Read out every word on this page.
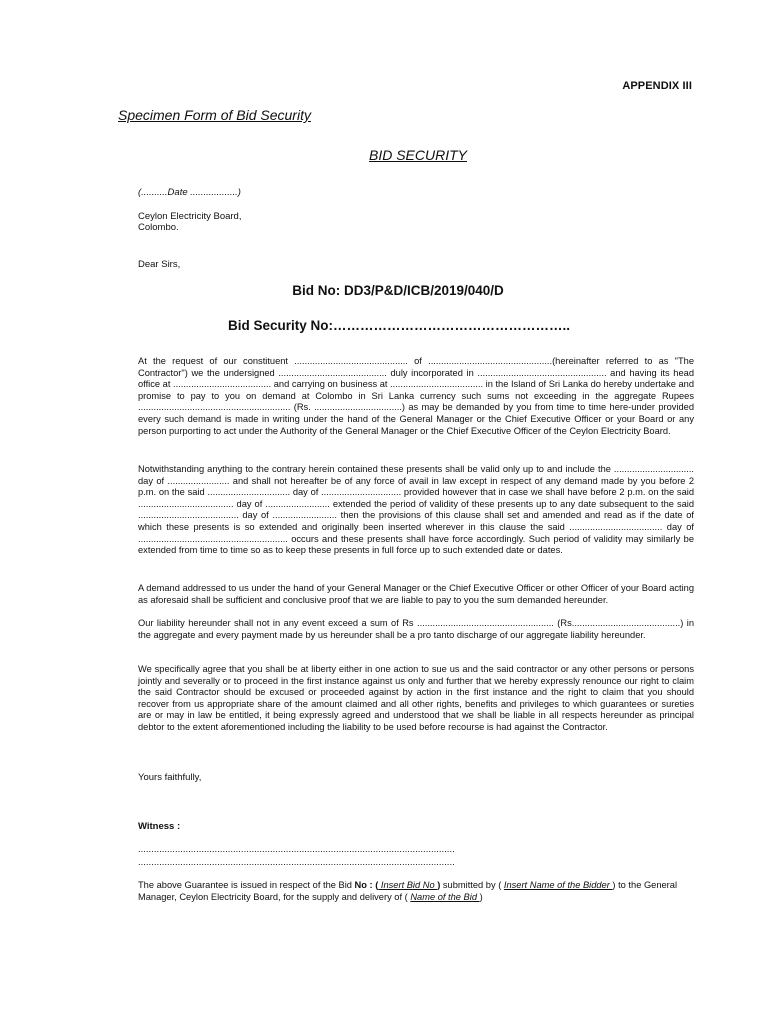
APPENDIX III
Specimen Form of Bid Security
BID SECURITY
(..........Date ..................)
Ceylon Electricity Board,
Colombo.
Dear Sirs,
Bid No: DD3/P&D/ICB/2019/040/D
Bid Security No:……………………………………………..
At the request of our constituent ............................................ of ................................................(hereinafter referred to as "The Contractor") we the undersigned .......................................... duly incorporated in .................................................. and having its head office at ...................................... and carrying on business at .................................... in the Island of Sri Lanka do hereby undertake and promise to pay to you on demand at Colombo in Sri Lanka currency such sums not exceeding in the aggregate Rupees ........................................................... (Rs. ..................................) as may be demanded by you from time to time here-under provided every such demand is made in writing under the hand of the General Manager or the Chief Executive Officer or your Board or any person purporting to act under the Authority of the General Manager or the Chief Executive Officer of the Ceylon Electricity Board.
Notwithstanding anything to the contrary herein contained these presents shall be valid only up to and include the ............................... day of ........................ and shall not hereafter be of any force of avail in law except in respect of any demand made by you before 2 p.m. on the said ................................ day of ............................... provided however that in case we shall have before 2 p.m. on the said ..................................... day of ......................... extended the period of validity of these presents up to any date subsequent to the said ....................................... day of ......................... then the provisions of this clause shall set and amended and read as if the date of which these presents is so extended and originally been inserted wherever in this clause the said .................................... day of .......................................................... occurs and these presents shall have force accordingly. Such period of validity may similarly be extended from time to time so as to keep these presents in full force up to such extended date or dates.
A demand addressed to us under the hand of your General Manager or the Chief Executive Officer or other Officer of your Board acting as aforesaid shall be sufficient and conclusive proof that we are liable to pay to you the sum demanded hereunder.
Our liability hereunder shall not in any event exceed a sum of Rs ..................................................... (Rs..........................................) in the aggregate and every payment made by us hereunder shall be a pro tanto discharge of our aggregate liability hereunder.
We specifically agree that you shall be at liberty either in one action to sue us and the said contractor or any other persons or persons jointly and severally or to proceed in the first instance against us only and further that we hereby expressly renounce our right to claim the said Contractor should be excused or proceeded against by action in the first instance and the right to claim that you should recover from us appropriate share of the amount claimed and all other rights, benefits and privileges to which guarantees or sureties are or may in law be entitled, it being expressly agreed and understood that we shall be liable in all respects hereunder as principal debtor to the extent aforementioned including the liability to be used before recourse is had against the Contractor.
Yours faithfully,
Witness :
........................................................................................................................
........................................................................................................................
The above Guarantee is issued in respect of the Bid No : ( Insert Bid No ) submitted by ( Insert Name of the Bidder ) to the General Manager, Ceylon Electricity Board, for the supply and delivery of ( Name of the Bid )
